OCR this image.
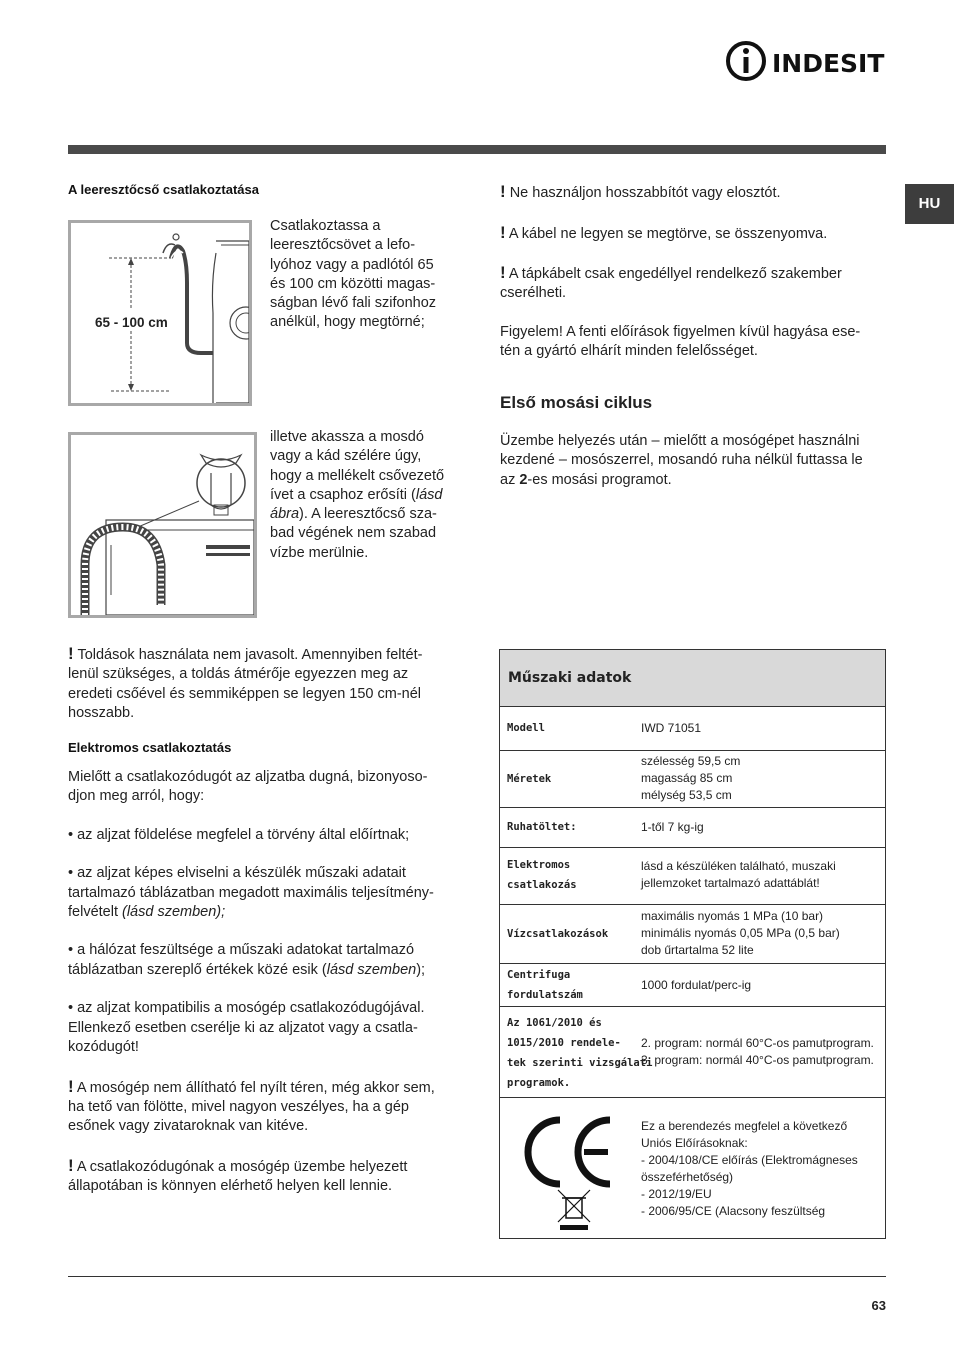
INDESIT
HU
A leeresztőcső csatlakoztatása
65 - 100 cm
Csatlakoztassa a
leeresztőcsövet a lefo-
lyóhoz vagy a padlótól 65
és 100 cm közötti magas-
ságban lévő fali szifonhoz
anélkül, hogy megtörné;
illetve akassza a mosdó
vagy a kád szélére úgy,
hogy a mellékelt csővezető
ívet a csaphoz erősíti (lásd
ábra). A leeresztőcső sza-
bad végének nem szabad
vízbe merülnie.
! Toldások használata nem javasolt. Amennyiben feltét-
lenül szükséges, a toldás átmérője egyezzen meg az
eredeti csőével és semmiképpen se legyen 150 cm-nél
hosszabb.
Elektromos csatlakoztatás
Mielőtt a csatlakozódugót az aljzatba dugná, bizonyoso-
djon meg arról, hogy:
• az aljzat földelése megfelel a törvény által előírtnak;
• az aljzat képes elviselni a készülék műszaki adatait
tartalmazó táblázatban megadott maximális teljesítmény-
felvételt (lásd szemben);
• a hálózat feszültsége a műszaki adatokat tartalmazó
táblázatban szereplő értékek közé esik (lásd szemben);
• az aljzat kompatibilis a mosógép csatlakozódugójával.
Ellenkező esetben cserélje ki az aljzatot vagy a csatla-
kozódugót!
! A mosógép nem állítható fel nyílt téren, még akkor sem,
ha tető van fölötte, mivel nagyon veszélyes, ha a gép
esőnek vagy zivataroknak van kitéve.
! A csatlakozódugónak a mosógép üzembe helyezett
állapotában is könnyen elérhető helyen kell lennie.
! Ne használjon hosszabbítót vagy elosztót.
! A kábel ne legyen se megtörve, se összenyomva.
! A tápkábelt csak engedéllyel rendelkező szakember
cserélheti.
Figyelem! A fenti előírások figyelmen kívül hagyása ese-
tén a gyártó elhárít minden felelősséget.
Első mosási ciklus
Üzembe helyezés után – mielőtt a mosógépet használni
kezdené – mosószerrel, mosandó ruha nélkül futtassa le
az 2-es mosási programot.
Műszaki adatok
Modell	IWD 71051
Méretek
szélesség 59,5 cm
magasság 85 cm
mélység 53,5 cm
Ruhatöltet:	1-től 7 kg-ig
Elektromos
csatlakozás
lásd a készüléken található, muszaki
jellemzoket tartalmazó adattáblát!
Vízcsatlakozások
maximális nyomás 1 MPa (10 bar)
minimális nyomás 0,05 MPa (0,5 bar)
dob űrtartalma 52 lite
Centrifuga
fordulatszám
1000 fordulat/perc-ig
Az 1061/2010 és
1015/2010 rendele-
tek szerinti vizsgálati
programok.
2. program: normál 60°C-os pamutprogram.
3. program: normál 40°C-os pamutprogram.
Ez a berendezés megfelel a következő
Uniós Előírásoknak:
- 2004/108/CE előírás (Elektromágneses
összeférhetőség)
- 2012/19/EU
- 2006/95/CE (Alacsony feszültség
63
